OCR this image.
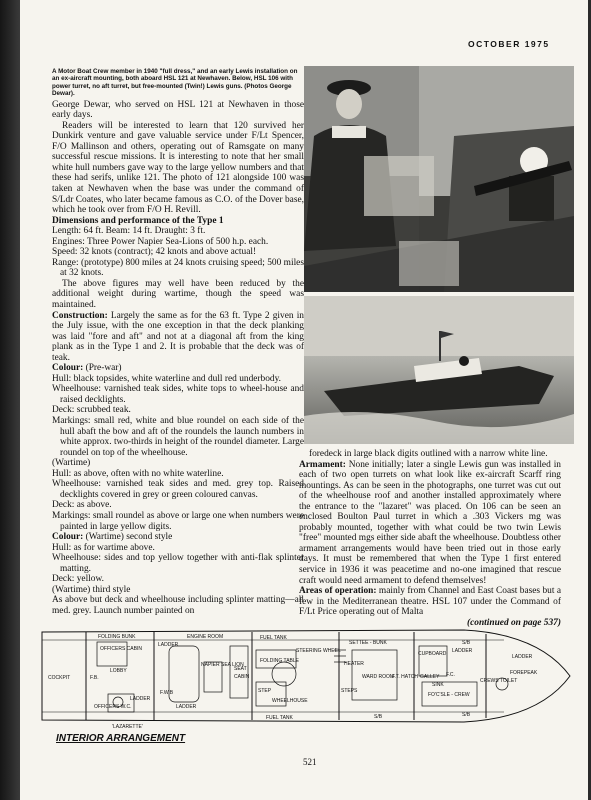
OCTOBER 1975

A Motor Boat Crew member in 1940 "full dress," and an early Lewis installation on an ex-aircraft mounting, both aboard HSL 121 at Newhaven. Below, HSL 106 with power turret, no aft turret, but free-mounted (Twin!) Lewis guns. (Photos George Dewar).

George Dewar, who served on HSL 121 at Newhaven in those early days.

Readers will be interested to learn that 120 survived her Dunkirk venture and gave valuable service under F/Lt Spencer, F/O Mallinson and others, operating out of Ramsgate on many successful rescue missions. It is interesting to note that her small white hull numbers gave way to the large yellow numbers and that these had serifs, unlike 121. The photo of 121 alongside 100 was taken at Newhaven when the base was under the command of S/Ldr Coates, who later became famous as C.O. of the Dover base, which he took over from F/O H. Revill.

Dimensions and performance of the Type 1

Length: 64 ft. Beam: 14 ft. Draught: 3 ft.

Engines: Three Power Napier Sea-Lions of 500 h.p. each.

Speed: 32 knots (contract); 42 knots and above actual!

Range: (prototype) 800 miles at 24 knots cruising speed; 500 miles at 32 knots.

The above figures may well have been reduced by the additional weight during wartime, though the speed was maintained.

Construction: Largely the same as for the 63 ft. Type 2 given in the July issue, with the one exception in that the deck planking was laid "fore and aft" and not at a diagonal aft from the king plank as in the Type 1 and 2. It is probable that the deck was of teak.

Colour: (Pre-war)

Hull: black topsides, white waterline and dull red underbody.

Wheelhouse: varnished teak sides, white tops to wheel-house and raised decklights.

Deck: scrubbed teak.

Markings: small red, white and blue roundel on each side of the hull abaft the bow and aft of the roundels the launch numbers in white approx. two-thirds in height of the roundel diameter. Large roundel on top of the wheelhouse.

(Wartime)

Hull: as above, often with no white waterline.

Wheelhouse: varnished teak sides and med. grey top. Raised decklights covered in grey or green coloured canvas.

Deck: as above.

Markings: small roundel as above or large one when numbers were painted in large yellow digits.

Colour: (Wartime) second style

Hull: as for wartime above.

Wheelhouse: sides and top yellow together with anti-flak splinter matting.

Deck: yellow.

(Wartime) third style

As above but deck and wheelhouse including splinter matting—all med. grey. Launch number painted on

foredeck in large black digits outlined with a narrow white line.

Armament: None initially; later a single Lewis gun was installed in each of two open turrets on what look like ex-aircraft Scarff ring mountings. As can be seen in the photographs, one turret was cut out of the wheelhouse roof and another installed approximately where the entrance to the "lazaret" was placed. On 106 can be seen an enclosed Boulton Paul turret in which a .303 Vickers mg was probably mounted, together with what could be two twin Lewis "free" mounted mgs either side abaft the wheelhouse. Doubtless other armament arrangements would have been tried out in those early days. It must be remembered that when the Type 1 first entered service in 1936 it was peacetime and no-one imagined that rescue craft would need armament to defend themselves!

Areas of operation: mainly from Channel and East Coast bases but a few in the Mediterranean theatre. HSL 107 under the Command of F/Lt Price operating out of Malta

(continued on page 537)

COCKPIT	F.B.
FOLDING BUNK
OFFICERS CABIN
LOBBY
OFFICERS W.C.
LADDER
ENGINE ROOM
LADDER
NAPIER SEA LION
F.W.B
LADDER
SEAT
CABIN
FUEL TANK
FUEL TANK
STEERING WHEEL
FOLDING TABLE
STEP
WHEELHOUSE
SETTEE - BUNK
HEATER
STEPS
WARD ROOM
F.T. HATCH
S/B
S/B
S/B
CUPBOARD
GALLEY F.C.
SINK
FO'C'SLE - CREW
LADDER
CREWS TOILET
LADDER
FOREPEAK
'LAZARETTE'
INTERIOR ARRANGEMENT
521
